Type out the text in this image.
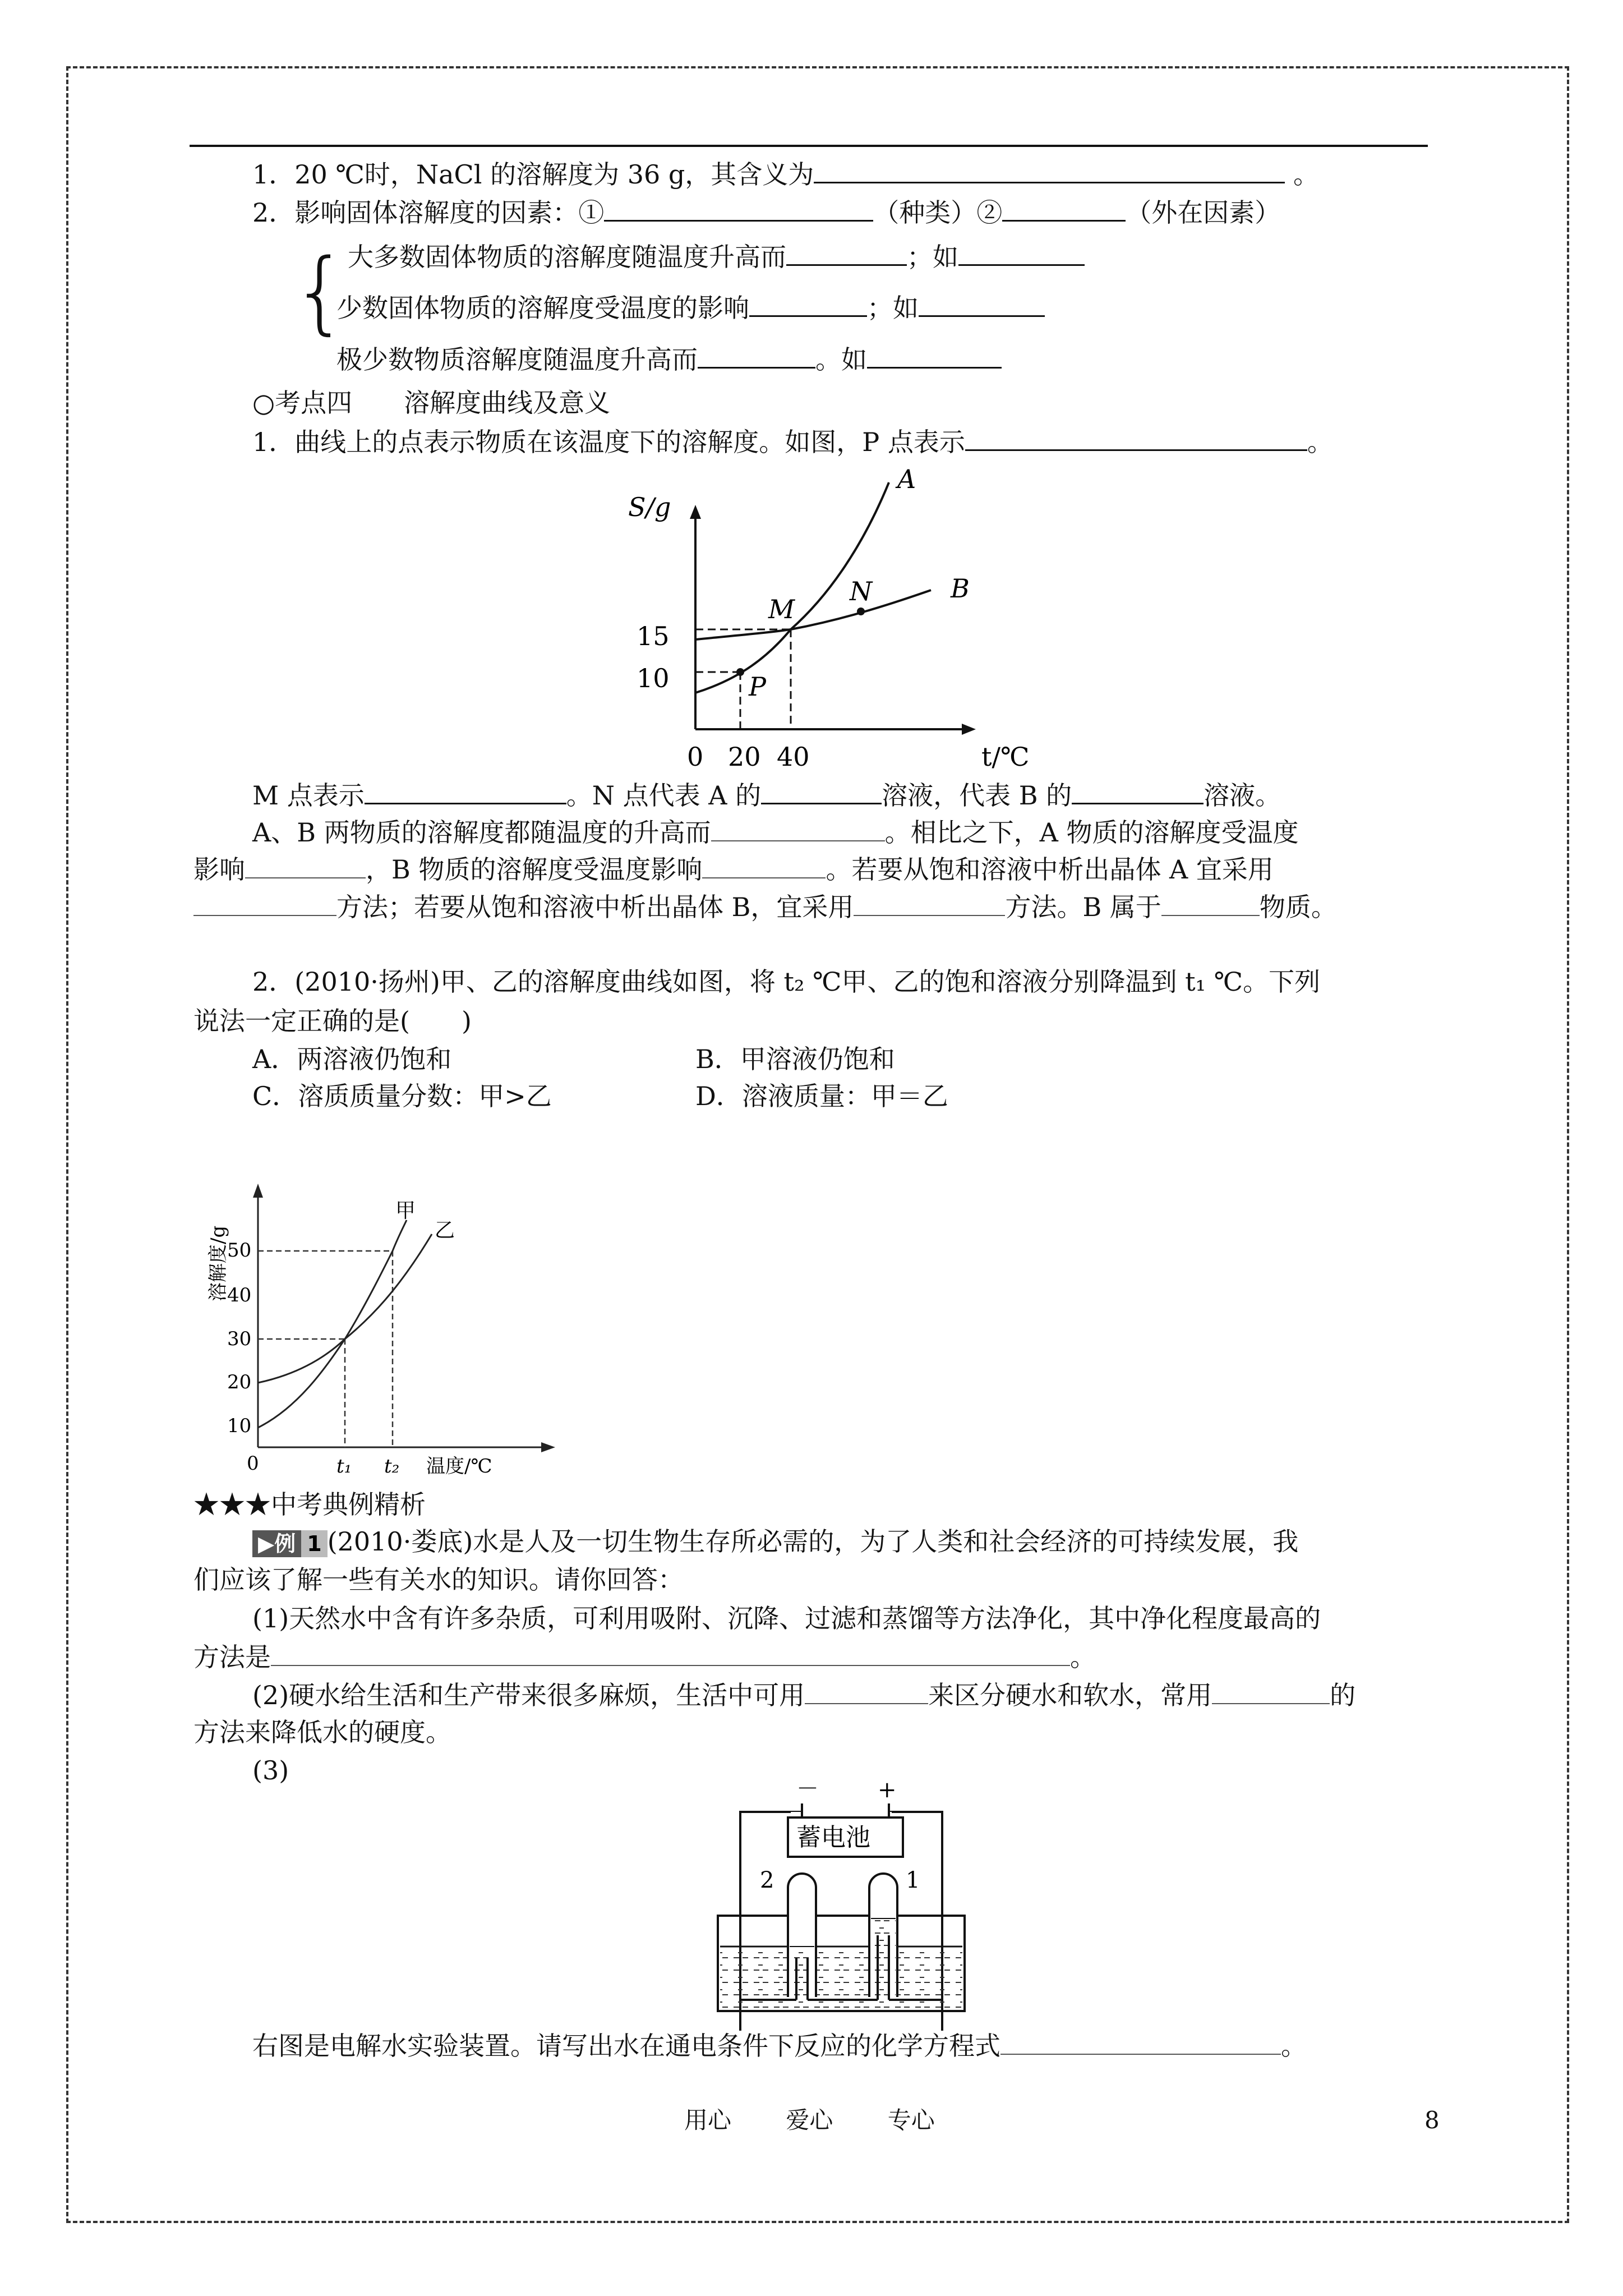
1．20 ℃时，NaCl 的溶解度为 36 g，其含义为	。
2．影响固体溶解度的因素：①	（种类）②	（外在因素）
{
大多数固体物质的溶解度随温度升高而	；如
少数固体物质的溶解度受温度的影响	；如
极少数物质溶解度随温度升高而	。如
○考点四　　溶解度曲线及意义
1．曲线上的点表示物质在该温度下的溶解度。如图，P 点表示	。
S/g
t/℃
15
10
0 20 40
A
B
M
N
P
M 点表示	。N 点代表 A 的	溶液，代表 B 的	溶液。
A、B 两物质的溶解度都随温度的升高而	。相比之下，A 物质的溶解度受温度
影响	，B 物质的溶解度受温度影响	。若要从饱和溶液中析出晶体 A 宜采用
方法；若要从饱和溶液中析出晶体 B，宜采用	方法。B 属于	物质。
2．(2010·扬州)甲、乙的溶解度曲线如图，将 t₂ ℃甲、乙的饱和溶液分别降温到 t₁ ℃。下列
说法一定正确的是(　　)
A．两溶液仍饱和	B．甲溶液仍饱和
C．溶质质量分数：甲>乙	D．溶液质量：甲＝乙
溶解度/g
50
40
30
20
10
0	t₁ t₂ 温度/℃
甲
乙
★★★中考典例精析
▶例 1 (2010·娄底)水是人及一切生物生存所必需的，为了人类和社会经济的可持续发展，我
们应该了解一些有关水的知识。请你回答：
(1)天然水中含有许多杂质，可利用吸附、沉降、过滤和蒸馏等方法净化，其中净化程度最高的
方法是	。
(2)硬水给生活和生产带来很多麻烦，生活中可用	来区分硬水和软水，常用	的
方法来降低水的硬度。
(3)
－	+
蓄电池
2	1
右图是电解水实验装置。请写出水在通电条件下反应的化学方程式	。
用心　　 爱心　　 专心	8
